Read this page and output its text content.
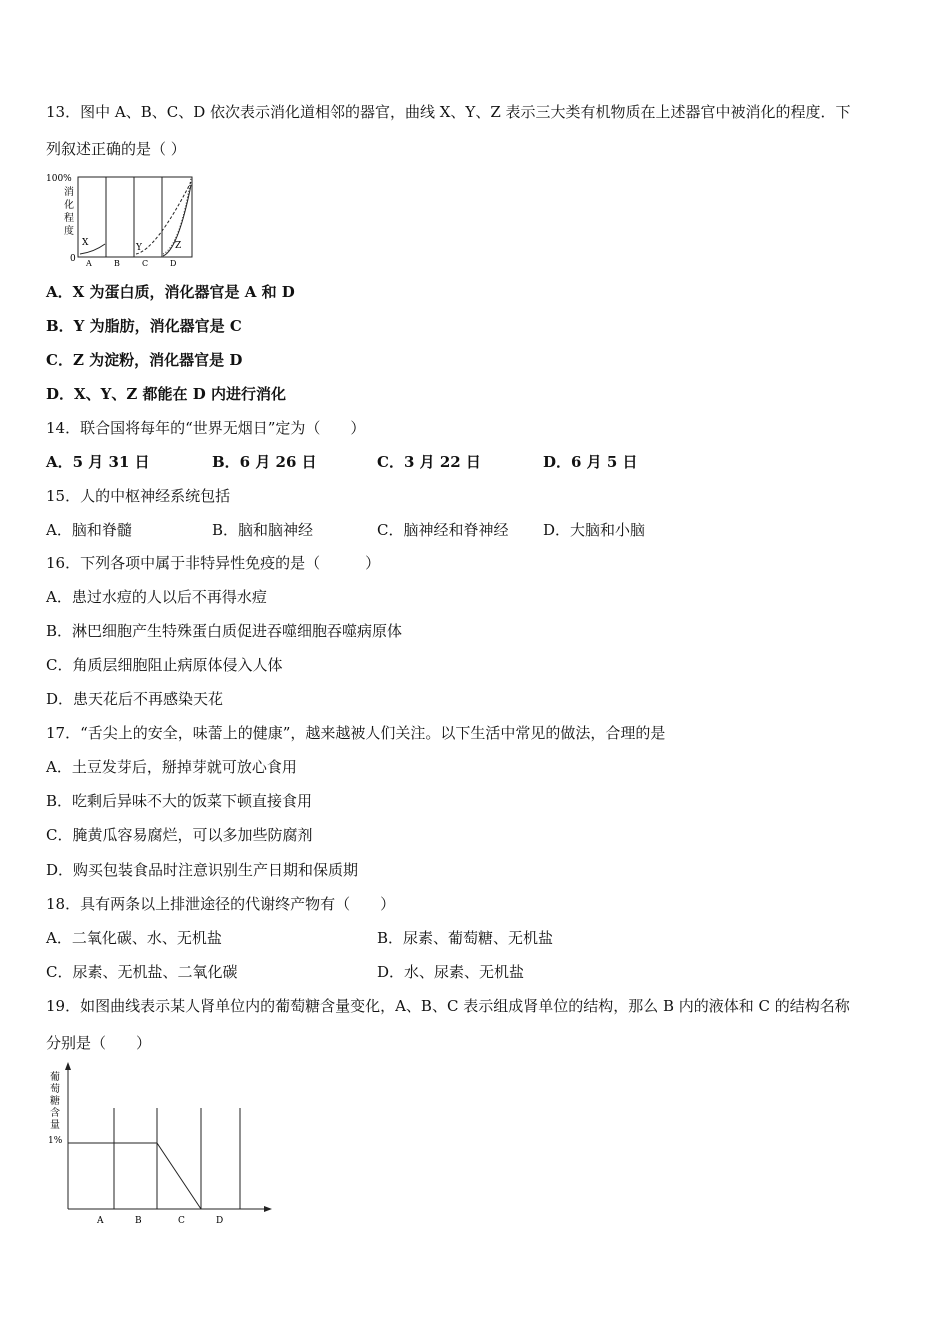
13．图中 A、B、C、D 依次表示消化道相邻的器官，曲线 X、Y、Z 表示三大类有机物质在上述器官中被消化的程度．下
列叙述正确的是（ ）
100%
消
化
程
度
0
X	Y	Z
A	B	C	D
A．X 为蛋白质，消化器官是 A 和 D
B．Y 为脂肪，消化器官是 C
C．Z 为淀粉，消化器官是 D
D．X、Y、Z 都能在 D 内进行消化
14．联合国将每年的“世界无烟日”定为（　　）
A．5 月 31 日	B．6 月 26 日	C．3 月 22 日	D．6 月 5 日
15．人的中枢神经系统包括
A．脑和脊髓	B．脑和脑神经	C．脑神经和脊神经 D．大脑和小脑
16．下列各项中属于非特异性免疫的是（　　　）
A．患过水痘的人以后不再得水痘
B．淋巴细胞产生特殊蛋白质促进吞噬细胞吞噬病原体
C．角质层细胞阻止病原体侵入人体
D．患天花后不再感染天花
17．“舌尖上的安全，味蕾上的健康”，越来越被人们关注。以下生活中常见的做法，合理的是
A．土豆发芽后，掰掉芽就可放心食用
B．吃剩后异味不大的饭菜下顿直接食用
C．腌黄瓜容易腐烂，可以多加些防腐剂
D．购买包装食品时注意识别生产日期和保质期
18．具有两条以上排泄途径的代谢终产物有（　　）
A．二氧化碳、水、无机盐	B．尿素、葡萄糖、无机盐
C．尿素、无机盐、二氧化碳	D．水、尿素、无机盐
19．如图曲线表示某人肾单位内的葡萄糖含量变化，A、B、C 表示组成肾单位的结构，那么 B 内的液体和 C 的结构名称
分别是（　　）
葡
萄
糖
含
量
1%
A	B	C	D
